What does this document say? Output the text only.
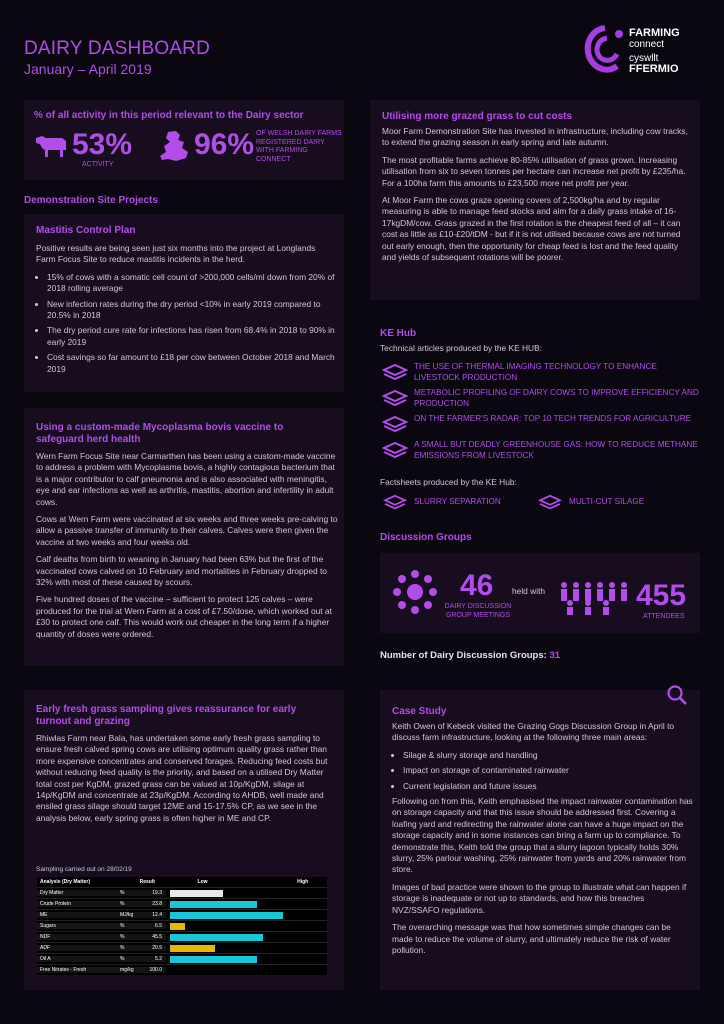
DAIRY DASHBOARD
January – April 2019
FARMING
connect
cyswllt
FFERMIO
% of all activity in this period relevant to the Dairy sector
53%
ACTIVITY
96% OF WELSH DAIRY FARMS REGISTERED DAIRY WITH FARMING CONNECT
Demonstration Site Projects
Mastitis Control Plan

Positive results are being seen just six months into the project at Longlands Farm Focus Site to reduce mastitis incidents in the herd.

• 15% of cows with a somatic cell count of >200,000 cells/ml down from 20% of 2018 rolling average
• New infection rates during the dry period <10% in early 2019 compared to 20.5% in 2018
• The dry period cure rate for infections has risen from 68.4% in 2018 to 90% in early 2019
• Cost savings so far amount to £18 per cow between October 2018 and March 2019
Using a custom-made Mycoplasma bovis vaccine to safeguard herd health

Wern Farm Focus Site near Carmarthen has been using a custom-made vaccine to address a problem with Mycoplasma bovis, a highly contagious bacterium that is a major contributor to calf pneumonia and is also associated with meningitis, eye and ear infections as well as arthritis, mastitis, abortion and infertility in adult cows.

Cows at Wern Farm were vaccinated at six weeks and three weeks pre-calving to allow a passive transfer of immunity to their calves. Calves were then given the vaccine at two weeks and four weeks old.

Calf deaths from birth to weaning in January had been 63% but the first of the vaccinated cows calved on 10 February and mortalities in February dropped to 32% with most of these caused by scours.

Five hundred doses of the vaccine – sufficient to protect 125 calves – were produced for the trial at Wern Farm at a cost of £7.50/dose, which worked out at £30 to protect one calf. This would work out cheaper in the long term if a higher quantity of doses were ordered.

Early fresh grass sampling gives reassurance for early turnout and grazing

Rhiwlas Farm near Bala, has undertaken some early fresh grass sampling to ensure fresh calved spring cows are utilising optimum quality grass rather than more expensive concentrates and conserved forages. Reducing feed costs but without reducing feed quality is the priority, and based on a utilised Dry Matter total cost per KgDM, grazed grass can be valued at 10p/KgDM, silage at 14p/KgDM and concentrate at 23p/KgDM. According to AHDB, well made and ensiled grass silage should target 12ME and 15-17.5% CP, as we see in the analysis below, early spring grass is often higher in ME and CP.

Sampling carried out on 28/02/19
Analysis (Dry Matter)	Result	Low	High
Dry Matter	%	19.3
Crude Protein	%	23.8
ME	MJ/kg	12.4
Sugars	%	6.5
NDF	%	45.5
ADF	%	20.5
Oil A	%	5.2
Free Nitrates - Fresh	mg/kg	100.0
Utilising more grazed grass to cut costs

Moor Farm Demonstration Site has invested in infrastructure, including cow tracks, to extend the grazing season in early spring and late autumn.

The most profitable farms achieve 80-85% utilisation of grass grown. Increasing utilisation from six to seven tonnes per hectare can increase net profit by £235/ha. For a 100ha farm this amounts to £23,500 more net profit per year.

At Moor Farm the cows graze opening covers of 2,500kg/ha and by regular measuring is able to manage feed stocks and aim for a daily grass intake of 16-17kgDM/cow. Grass grazed in the first rotation is the cheapest feed of all – it can cost as little as £10-£20/tDM - but if it is not utilised because cows are not turned out early enough, then the opportunity for cheap feed is lost and the feed quality and yields of subsequent rotations will be poorer.

KE Hub
Technical articles produced by the KE HUB:
THE USE OF THERMAL IMAGING TECHNOLOGY TO ENHANCE LIVESTOCK PRODUCTION
METABOLIC PROFILING OF DAIRY COWS TO IMPROVE EFFICIENCY AND PRODUCTION
ON THE FARMER'S RADAR: TOP 10 TECH TRENDS FOR AGRICULTURE
A SMALL BUT DEADLY GREENHOUSE GAS: HOW TO REDUCE METHANE EMISSIONS FROM LIVESTOCK
Factsheets produced by the KE Hub:
SLURRY SEPARATION	MULTI-CUT SILAGE
Discussion Groups
46
DAIRY DISCUSSION GROUP MEETINGS
held with	455
ATTENDEES
Number of Dairy Discussion Groups: 31
Case Study

Keith Owen of Kebeck visited the Grazing Gogs Discussion Group in April to discuss farm infrastructure, looking at the following three main areas:

• Silage & slurry storage and handling
• Impact on storage of contaminated rainwater
• Current legislation and future issues

Following on from this, Keith emphasised the impact rainwater contamination has on storage capacity and that this issue should be addressed first. Covering a loafing yard and redirecting the rainwater alone can have a huge impact on the storage capacity and in some instances can bring a farm up to compliance. To demonstrate this, Keith told the group that a slurry lagoon typically holds 30% slurry, 25% parlour washing, 25% rainwater from yards and 20% rainwater from store.

Images of bad practice were shown to the group to illustrate what can happen if storage is inadequate or not up to standards, and how this breaches NVZ/SSAFO regulations.

The overarching message was that how sometimes simple changes can be made to reduce the volume of slurry, and ultimately reduce the risk of water pollution.
